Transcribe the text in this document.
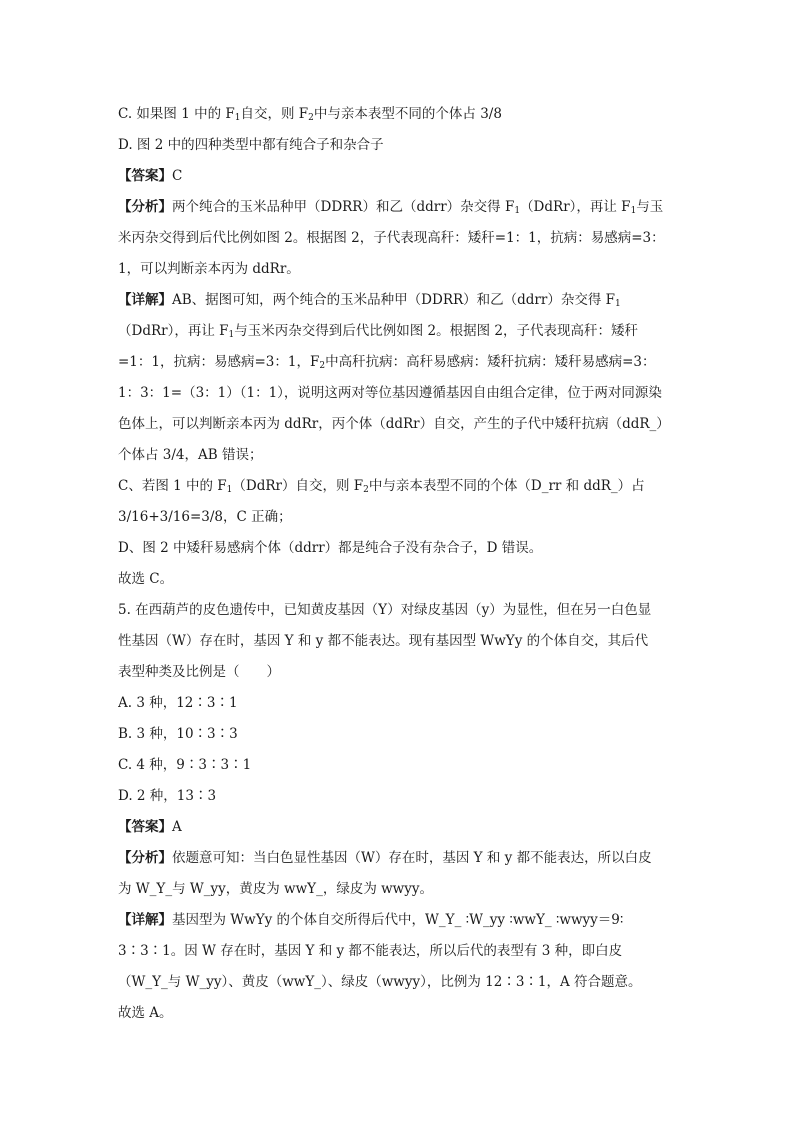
C. 如果图 1 中的 $F_1$自交，则 $F_2$中与亲本表型不同的个体占 3/8
D. 图 2 中的四种类型中都有纯合子和杂合子
【答案】C
【分析】两个纯合的玉米品种甲（DDRR）和乙（ddrr）杂交得 $F_1(DdRr)$，再让 $F_1$与玉
米丙杂交得到后代比例如图 2。根据图 2，子代表现高秆：矮秆=1：1，抗病：易感病=3：
1，可以判断亲本丙为 ddRr。
【详解】AB、据图可知，两个纯合的玉米品种甲（DDRR）和乙（ddrr）杂交得 $F_1$
（DdRr），再让 $F_1$与玉米丙杂交得到后代比例如图 2。根据图 2，子代表现高秆：矮秆
=1：1，抗病：易感病=3：1，$F_2$中高秆抗病：高秆易感病：矮秆抗病：矮秆易感病=3：
1：3：1=（3：1）（1：1），说明这两对等位基因遵循基因自由组合定律，位于两对同源染
色体上，可以判断亲本丙为 ddRr，丙个体（ddRr）自交，产生的子代中矮秆抗病（ddR_）
个体占 3/4，AB 错误；
C、若图 1 中的 $F_1(DdRr)$自交，则 $F_2$中与亲本表型不同的个体（D_rr 和 ddR_）占
3/16+3/16=3/8，C 正确；
D、图 2 中矮秆易感病个体（ddrr）都是纯合子没有杂合子，D 错误。
故选 C。
5. 在西葫芦的皮色遗传中，已知黄皮基因（Y）对绿皮基因（y）为显性，但在另一白色显
性基因（W）存在时，基因 Y 和 y 都不能表达。现有基因型 WwYy 的个体自交，其后代
表型种类及比例是（　　）
A. 3 种，12∶3∶1
B. 3 种，10∶3∶3
C. 4 种，9∶3∶3∶1
D. 2 种，13∶3
【答案】A
【分析】依题意可知：当白色显性基因（W）存在时，基因 Y 和 y 都不能表达，所以白皮
为 W_Y_与 W_yy，黄皮为 wwY_，绿皮为 wwyy。
【详解】基因型为 WwYy 的个体自交所得后代中，W_Y_ ∶W_yy ∶wwY_ ∶wwyy＝9∶
3∶3∶1。因 W 存在时，基因 Y 和 y 都不能表达，所以后代的表型有 3 种，即白皮
（W_Y_与 W_yy）、黄皮（wwY_）、绿皮（wwyy），比例为 12∶3∶1，A 符合题意。
故选 A。
